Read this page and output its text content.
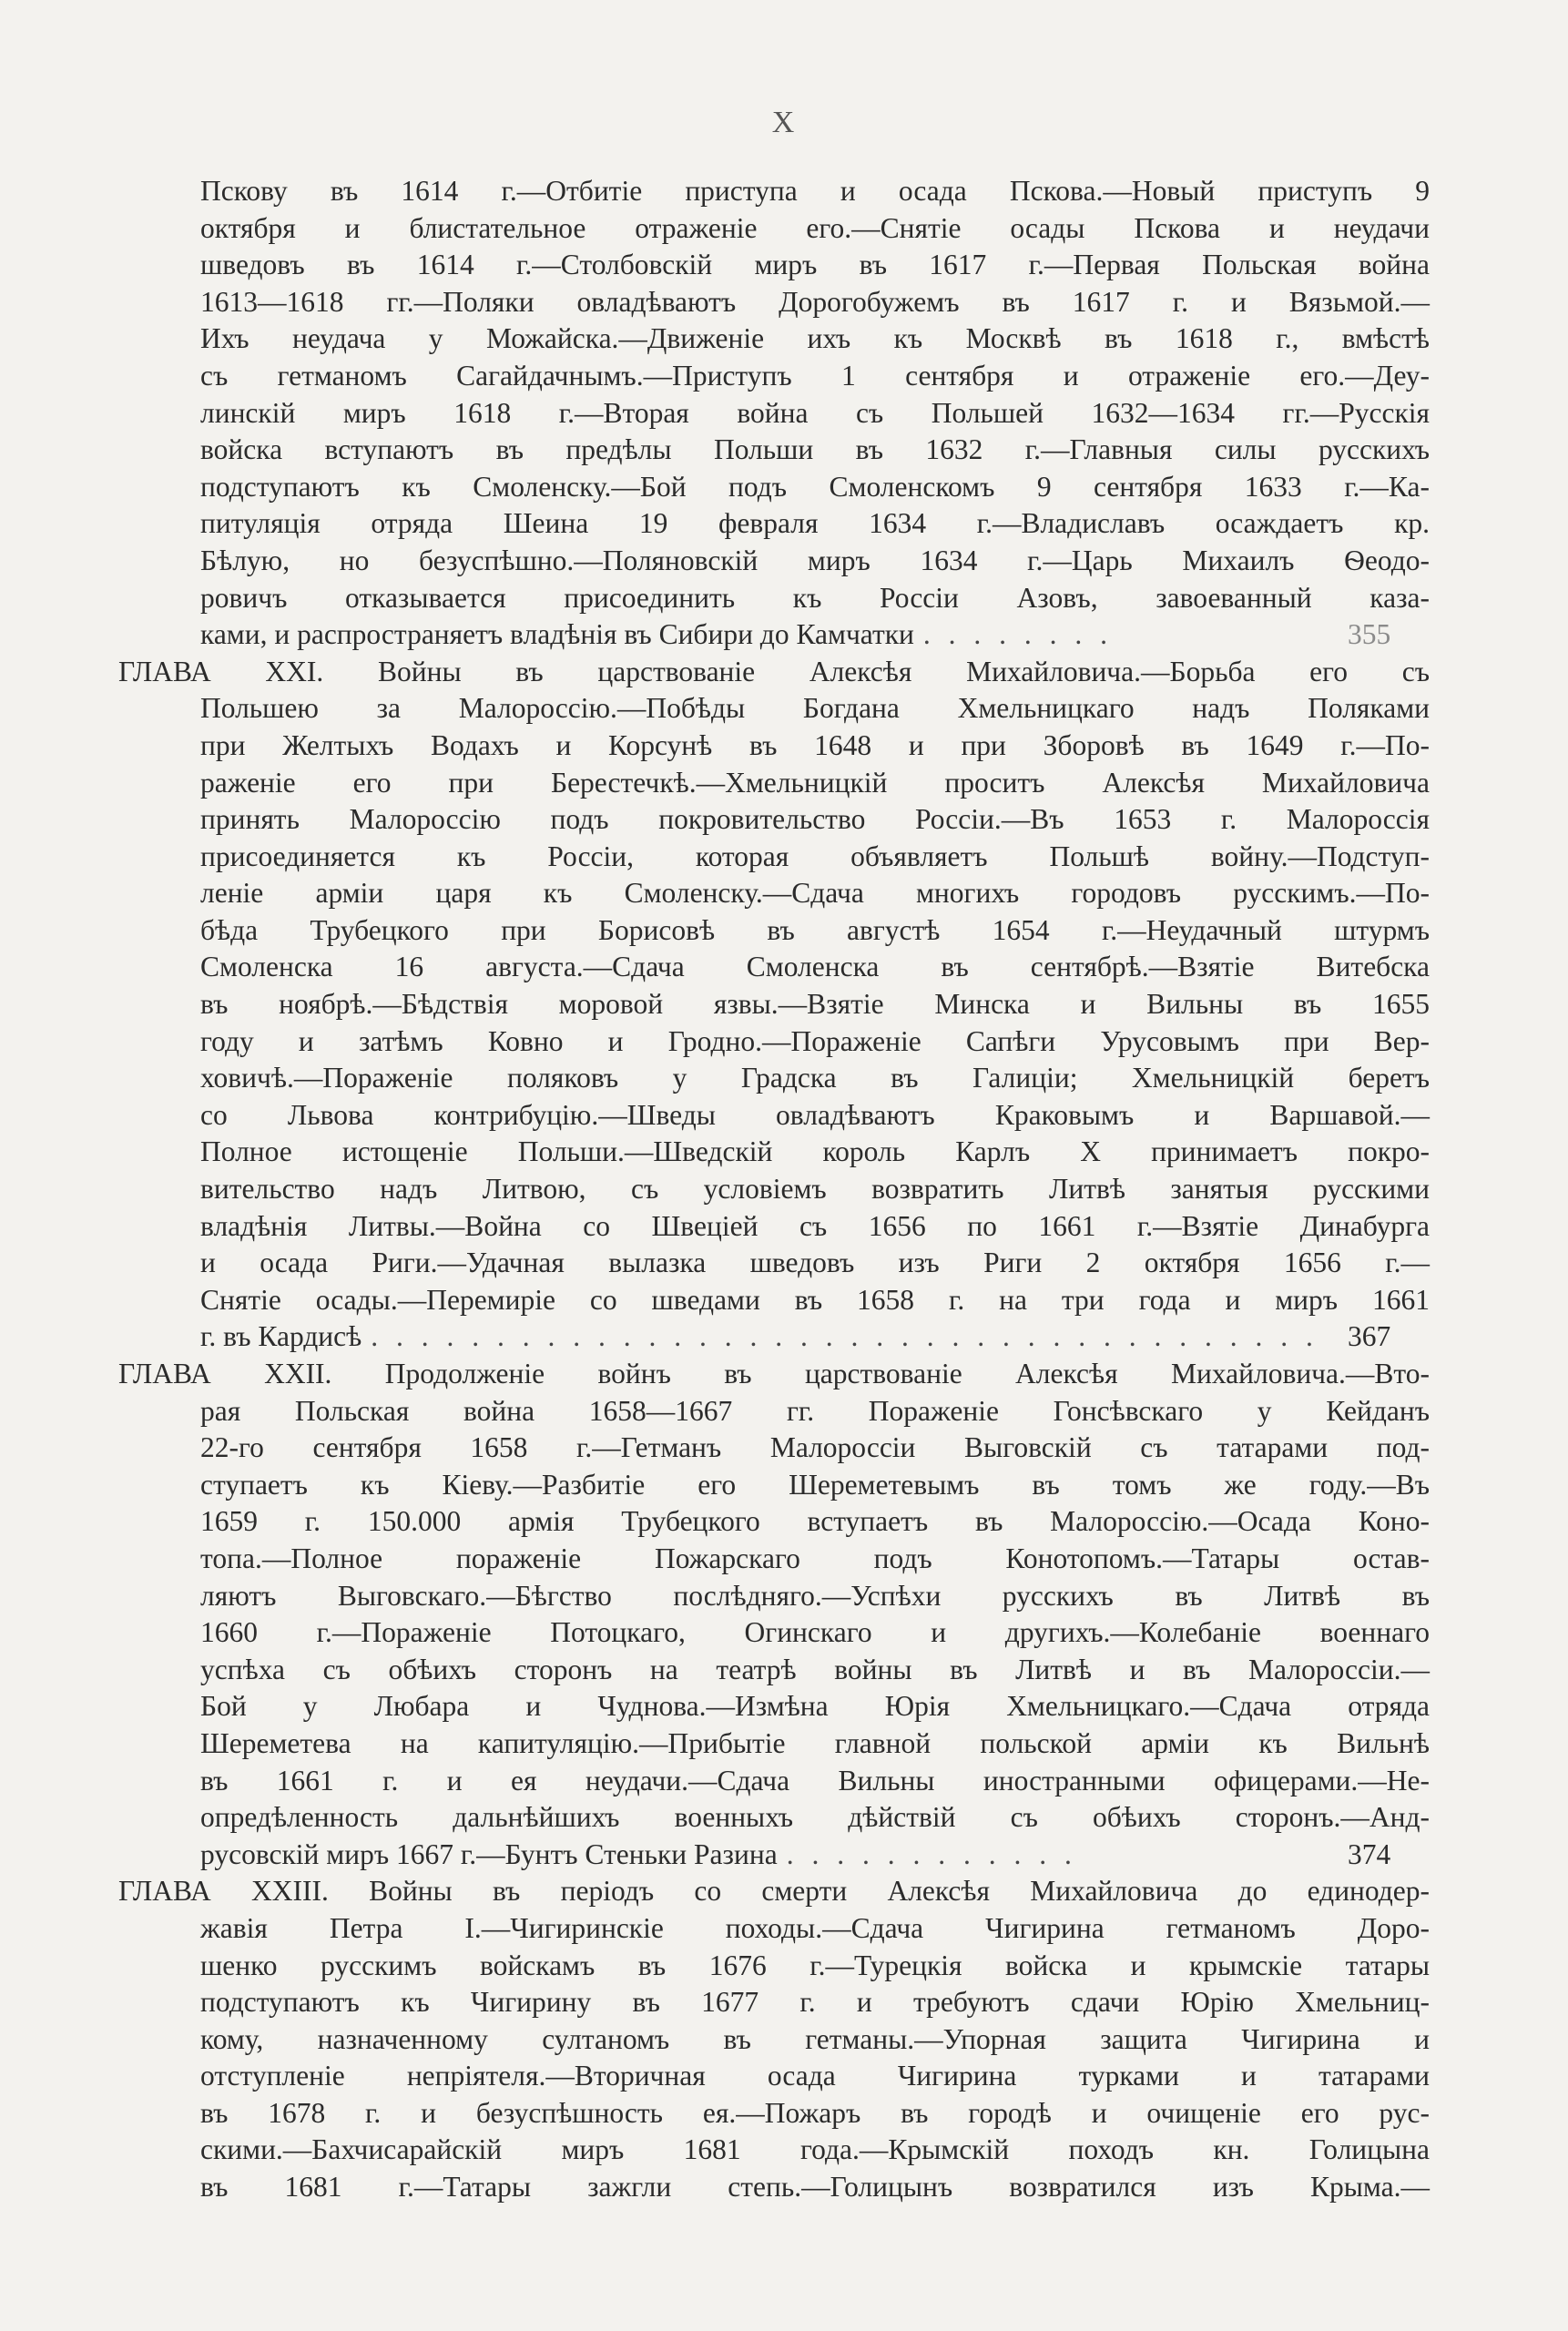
X
Пскову въ 1614 г.—Отбитіе приступа и осада Пскова.—Новый приступъ 9
октября и блистательное отраженіе его.—Снятіе осады Пскова и неудачи
шведовъ въ 1614 г.—Столбовскій миръ въ 1617 г.—Первая Польская война
1613—1618 гг.—Поляки овладѣваютъ Дорогобужемъ въ 1617 г. и Вязьмой.—
Ихъ неудача у Можайска.—Движеніе ихъ къ Москвѣ въ 1618 г., вмѣстѣ
съ гетманомъ Сагайдачнымъ.—Приступъ 1 сентября и отраженіе его.—Деу-
линскій миръ 1618 г.—Вторая война съ Польшей 1632—1634 гг.—Русскія
войска вступаютъ въ предѣлы Польши въ 1632 г.—Главныя силы русскихъ
подступаютъ къ Смоленску.—Бой подъ Смоленскомъ 9 сентября 1633 г.—Ка-
питуляція отряда Шеина 19 февраля 1634 г.—Владиславъ осаждаетъ кр.
Бѣлую, но безуспѣшно.—Поляновскій миръ 1634 г.—Царь Михаилъ Ѳеодо-
ровичъ отказывается присоединить къ Россіи Азовъ, завоеванный каза-
ками, и распространяетъ владѣнія въ Сибири до Камчатки . . . . . . . .	355
ГЛАВА XXI. Войны въ царствованіе Алексѣя Михайловича.—Борьба его съ
Польшею за Малороссію.—Побѣды Богдана Хмельницкаго надъ Поляками
при Желтыхъ Водахъ и Корсунѣ въ 1648 и при Зборовѣ въ 1649 г.—По-
раженіе его при Берестечкѣ.—Хмельницкій проситъ Алексѣя Михайловича
принять Малороссію подъ покровительство Россіи.—Въ 1653 г. Малороссія
присоединяется къ Россіи, которая объявляетъ Польшѣ войну.—Подступ-
леніе арміи царя къ Смоленску.—Сдача многихъ городовъ русскимъ.—По-
бѣда Трубецкого при Борисовѣ въ августѣ 1654 г.—Неудачный штурмъ
Смоленска 16 августа.—Сдача Смоленска въ сентябрѣ.—Взятіе Витебска
въ ноябрѣ.—Бѣдствія моровой язвы.—Взятіе Минска и Вильны въ 1655
году и затѣмъ Ковно и Гродно.—Пораженіе Сапѣги Урусовымъ при Вер-
ховичѣ.—Пораженіе поляковъ у Градска въ Галиціи; Хмельницкій беретъ
со Львова контрибуцію.—Шведы овладѣваютъ Краковымъ и Варшавой.—
Полное истощеніе Польши.—Шведскій король Карлъ X принимаетъ покро-
вительство надъ Литвою, съ условіемъ возвратить Литвѣ занятыя русскими
владѣнія Литвы.—Война со Швеціей съ 1656 по 1661 г.—Взятіе Динабурга
и осада Риги.—Удачная вылазка шведовъ изъ Риги 2 октября 1656 г.—
Снятіе осады.—Перемиріе со шведами въ 1658 г. на три года и миръ 1661
г. въ Кардисѣ . . . . . . . . . . . . . . . . . . . . . . . . . . . . . . . . . . . . . .	367
ГЛАВА XXII. Продолженіе войнъ въ царствованіе Алексѣя Михайловича.—Вто-
рая Польская война 1658—1667 гг. Пораженіе Гонсѣвскаго у Кейданъ
22-го сентября 1658 г.—Гетманъ Малороссіи Выговскій съ татарами под-
ступаетъ къ Кіеву.—Разбитіе его Шереметевымъ въ томъ же году.—Въ
1659 г. 150.000 армія Трубецкого вступаетъ въ Малороссію.—Осада Коно-
топа.—Полное пораженіе Пожарскаго подъ Конотопомъ.—Татары остав-
ляютъ Выговскаго.—Бѣгство послѣдняго.—Успѣхи русскихъ въ Литвѣ въ
1660 г.—Пораженіе Потоцкаго, Огинскаго и другихъ.—Колебаніе военнаго
успѣха съ обѣихъ сторонъ на театрѣ войны въ Литвѣ и въ Малороссіи.—
Бой у Любара и Чуднова.—Измѣна Юрія Хмельницкаго.—Сдача отряда
Шереметева на капитуляцію.—Прибытіе главной польской арміи къ Вильнѣ
въ 1661 г. и ея неудачи.—Сдача Вильны иностранными офицерами.—Не-
опредѣленность дальнѣйшихъ военныхъ дѣйствій съ обѣихъ сторонъ.—Анд-
русовскій миръ 1667 г.—Бунтъ Стеньки Разина . . . . . . . . . . . .	374
ГЛАВА XXIII. Войны въ періодъ со смерти Алексѣя Михайловича до единодер-
жавія Петра I.—Чигиринскіе походы.—Сдача Чигирина гетманомъ Доро-
шенко русскимъ войскамъ въ 1676 г.—Турецкія войска и крымскіе татары
подступаютъ къ Чигирину въ 1677 г. и требуютъ сдачи Юрію Хмельниц-
кому, назначенному султаномъ въ гетманы.—Упорная защита Чигирина и
отступленіе непріятеля.—Вторичная осада Чигирина турками и татарами
въ 1678 г. и безуспѣшность ея.—Пожаръ въ городѣ и очищеніе его рус-
скими.—Бахчисарайскій миръ 1681 года.—Крымскій походъ кн. Голицына
въ 1681 г.—Татары зажгли степь.—Голицынъ возвратился изъ Крыма.—
